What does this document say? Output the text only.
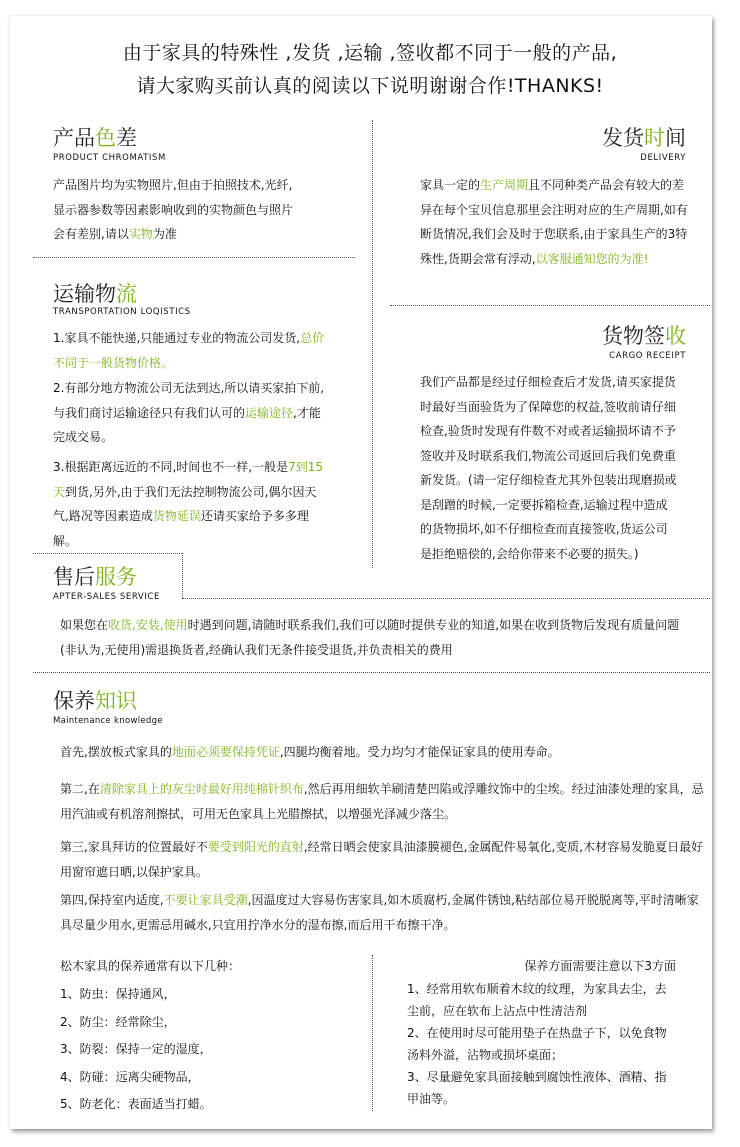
由于家具的特殊性 ,发货 ,运输 ,签收都不同于一般的产品,
请大家购买前认真的阅读以下说明谢谢合作!THANKS!
产品色差
PRODUCT CHROMATISM

产品图片均为实物照片,但由于拍照技术,光纤,

显示器参数等因素影响收到的实物颜色与照片

会有差别,请以实物为准

发货时间
DELIVERY
家具一定的生产周期且不同种类产品会有较大的差异在每个宝贝信息那里会注明对应的生产周期,如有断货情况,我们会及时于您联系,由于家具生产的3特殊性,货期会常有浮动,以客服通知您的为准!
运输物流
TRANSPORTATION LOQISTICS
1.家具不能快递,只能通过专业的物流公司发货,总价不同于一般货物价格。
2.有部分地方物流公司无法到达,所以请买家拍下前,与我们商讨运输途径只有我们认可的运输途径,才能完成交易。
3.根据距离远近的不同,时间也不一样,一般是7到15天到货,另外,由于我们无法控制物流公司,偶尔因天气,路况等因素造成货物延误还请买家给予多多理解。
货物签收
CARGO RECEIPT
我们产品都是经过仔细检查后才发货,请买家提货时最好当面验货为了保障您的权益,签收前请仔细检查,验货时发现有件数不对或者运输损坏请不予签收并及时联系我们,物流公司返回后我们免费重新发货。(请一定仔细检查尤其外包装出现磨损或是刮蹭的时候,一定要拆箱检查,运输过程中造成的货物损坏,如不仔细检查而直接签收,货运公司是拒绝赔偿的,会给你带来不必要的损失。)
售后服务
APTER-SALES SERVICE
如果您在收货,安装,使用时遇到问题,请随时联系我们,我们可以随时提供专业的知道,如果在收到货物后发现有质量问题(非认为,无使用)需退换货者,经确认我们无条件接受退货,并负责相关的费用
保养知识
Maintenance knowledge
首先,摆放板式家具的地面必须要保持凭证,四腿均衡着地。受力均匀才能保证家具的使用寿命。
第二,在清除家具上的灰尘时最好用纯棉针织布,然后再用细软羊刷清楚凹陷或浮雕纹饰中的尘埃。经过油漆处理的家具，忌用汽油或有机溶剂擦拭，可用无色家具上光腊擦拭，以增强光泽减少落尘。
第三,家具拜访的位置最好不要受到阳光的直射,经常日晒会使家具油漆膜褪色,金属配件易氧化,变质,木材容易发脆夏日最好用窗帘遮日晒,以保护家具。
第四,保持室内适度,不要让家具受潮,因温度过大容易伤害家具,如木质腐朽,金属件锈蚀,粘结部位易开脱脱离等,平时清晰家具尽量少用水,更需忌用碱水,只宜用拧净水分的湿布擦,而后用干布擦干净。
松木家具的保养通常有以下几种：
1、防虫：保持通风，
2、防尘：经常除尘，
3、防裂：保持一定的湿度，
4、防碰：远离尖硬物品，
5、防老化：表面适当打蜡。
保养方面需要注意以下3方面
1、经常用软布顺着木纹的纹理，为家具去尘，去尘前，应在软布上沾点中性清洁剂
2、在使用时尽可能用垫子在热盘子下，以免食物汤料外溢，沾物或损坏桌面；
3、尽量避免家具面接触到腐蚀性液体、酒精、指甲油等。
